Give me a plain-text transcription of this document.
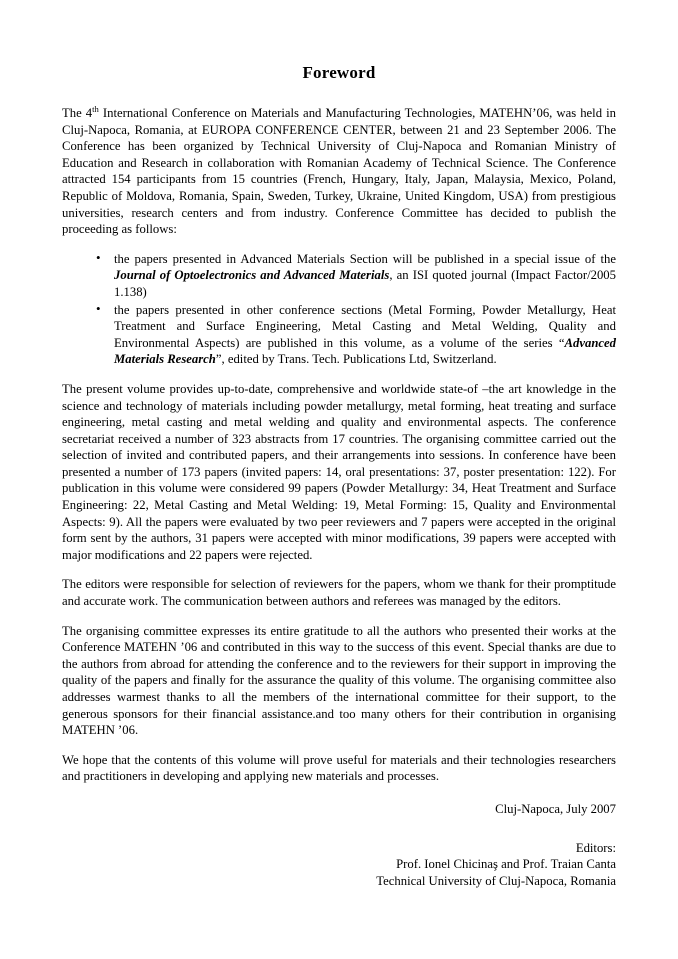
Foreword

The 4th International Conference on Materials and Manufacturing Technologies, MATEHN’06, was held in Cluj-Napoca, Romania, at EUROPA CONFERENCE CENTER, between 21 and 23 September 2006. The Conference has been organized by Technical University of Cluj-Napoca and Romanian Ministry of Education and Research in collaboration with Romanian Academy of Technical Science. The Conference attracted 154 participants from 15 countries (French, Hungary, Italy, Japan, Malaysia, Mexico, Poland, Republic of Moldova, Romania, Spain, Sweden, Turkey, Ukraine, United Kingdom, USA) from prestigious universities, research centers and from industry. Conference Committee has decided to publish the proceeding as follows:

• the papers presented in Advanced Materials Section will be published in a special issue of the Journal of Optoelectronics and Advanced Materials, an ISI quoted journal (Impact Factor/2005 1.138)
• the papers presented in other conference sections (Metal Forming, Powder Metallurgy, Heat Treatment and Surface Engineering, Metal Casting and Metal Welding, Quality and Environmental Aspects) are published in this volume, as a volume of the series “Advanced Materials Research”, edited by Trans. Tech. Publications Ltd, Switzerland.

The present volume provides up-to-date, comprehensive and worldwide state-of –the art knowledge in the science and technology of materials including powder metallurgy, metal forming, heat treating and surface engineering, metal casting and metal welding and quality and environmental aspects. The conference secretariat received a number of 323 abstracts from 17 countries. The organising committee carried out the selection of invited and contributed papers, and their arrangements into sessions. In conference have been presented a number of 173 papers (invited papers: 14, oral presentations: 37, poster presentation: 122). For publication in this volume were considered 99 papers (Powder Metallurgy: 34, Heat Treatment and Surface Engineering: 22, Metal Casting and Metal Welding: 19, Metal Forming: 15, Quality and Environmental Aspects: 9). All the papers were evaluated by two peer reviewers and 7 papers were accepted in the original form sent by the authors, 31 papers were accepted with minor modifications, 39 papers were accepted with major modifications and 22 papers were rejected.

The editors were responsible for selection of reviewers for the papers, whom we thank for their promptitude and accurate work. The communication between authors and referees was managed by the editors.

The organising committee expresses its entire gratitude to all the authors who presented their works at the Conference MATEHN ’06 and contributed in this way to the success of this event. Special thanks are due to the authors from abroad for attending the conference and to the reviewers for their support in improving the quality of the papers and finally for the assurance the quality of this volume. The organising committee also addresses warmest thanks to all the members of the international committee for their support, to the generous sponsors for their financial assistance.and too many others for their contribution in organising MATEHN ’06.

We hope that the contents of this volume will prove useful for materials and their technologies researchers and practitioners in developing and applying new materials and processes.

Cluj-Napoca, July 2007

Editors:
Prof. Ionel Chicinaş and Prof. Traian Canta
Technical University of Cluj-Napoca, Romania
